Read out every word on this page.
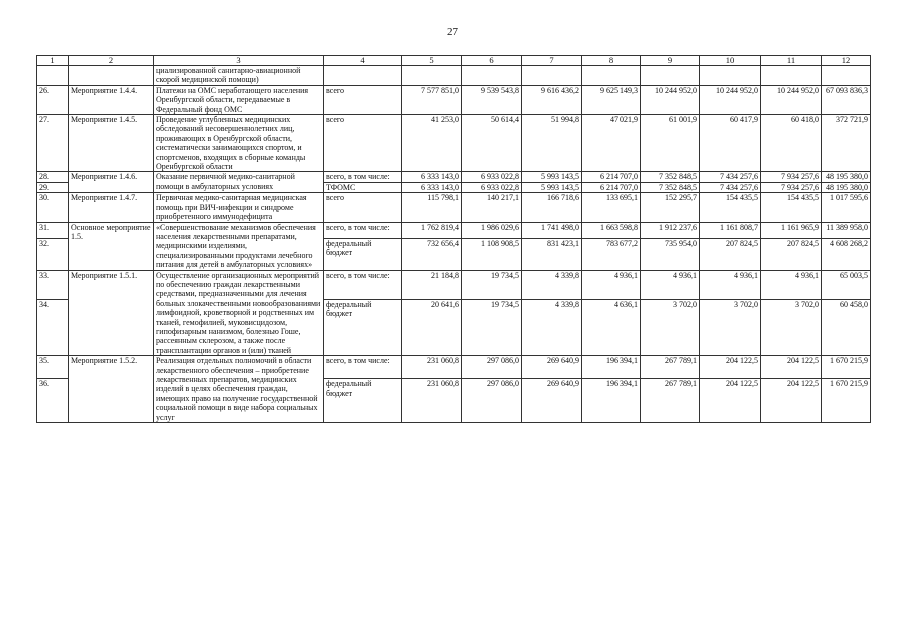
27
1	2	3	4	5	6	7	8	9	10	11	12
		циализированной санитарно-авиационной скорой медицинской помощи)									
26.	Мероприятие 1.4.4.	Платежи на ОМС неработающего населения Оренбургской области, передаваемые в Федеральный фонд ОМС	всего	7 577 851,0	9 539 543,8	9 616 436,2	9 625 149,3	10 244 952,0	10 244 952,0	10 244 952,0	67 093 836,3
27.	Мероприятие 1.4.5.	Проведение углубленных медицинских обследований несовершеннолетних лиц, проживающих в Оренбургской области, систематически занимающихся спортом, и спортсменов, входящих в сборные команды Оренбургской области	всего	41 253,0	50 614,4	51 994,8	47 021,9	61 001,9	60 417,9	60 418,0	372 721,9
28.	Мероприятие 1.4.6.	Оказание первичной медико-санитарной помощи в амбулаторных условиях	всего, в том числе:	6 333 143,0	6 933 022,8	5 993 143,5	6 214 707,0	7 352 848,5	7 434 257,6	7 934 257,6	48 195 380,0
29.			ТФОМС	6 333 143,0	6 933 022,8	5 993 143,5	6 214 707,0	7 352 848,5	7 434 257,6	7 934 257,6	48 195 380,0
30.	Мероприятие 1.4.7.	Первичная медико-санитарная медицинская помощь при ВИЧ-инфекции и синдроме приобретенного иммунодефицита	всего	115 798,1	140 217,1	166 718,6	133 695,1	152 295,7	154 435,5	154 435,5	1 017 595,6
31.	Основное мероприятие 1.5.	«Совершенствование механизмов обеспечения населения лекарственными препаратами, медицинскими изделиями, специализированными продуктами лечебного питания для детей в амбулаторных условиях»	всего, в том числе:	1 762 819,4	1 986 029,6	1 741 498,0	1 663 598,8	1 912 237,6	1 161 808,7	1 161 965,9	11 389 958,0
32.			федеральный бюджет	732 656,4	1 108 908,5	831 423,1	783 677,2	735 954,0	207 824,5	207 824,5	4 608 268,2
33.	Мероприятие 1.5.1.	Осуществление организационных мероприятий по обеспечению граждан лекарственными средствами, предназначенными для лечения больных злокачественными новообразованиями лимфоидной, кроветворной и родственных им тканей, гемофилией, муковисцидозом, гипофизарным нанизмом, болезнью Гоше, рассеянным склерозом, а также после трансплантации органов и (или) тканей	всего, в том числе:	21 184,8	19 734,5	4 339,8	4 936,1	4 936,1	4 936,1	4 936,1	65 003,5
34.			федеральный бюджет	20 641,6	19 734,5	4 339,8	4 636,1	3 702,0	3 702,0	3 702,0	60 458,0
35.	Мероприятие 1.5.2.	Реализация отдельных полномочий в области лекарственного обеспечения – приобретение лекарственных препаратов, медицинских изделий в целях обеспечения граждан, имеющих право на получение государственной социальной помощи в виде набора социальных услуг	всего, в том числе:	231 060,8	297 086,0	269 640,9	196 394,1	267 789,1	204 122,5	204 122,5	1 670 215,9
36.			федеральный бюджет	231 060,8	297 086,0	269 640,9	196 394,1	267 789,1	204 122,5	204 122,5	1 670 215,9
